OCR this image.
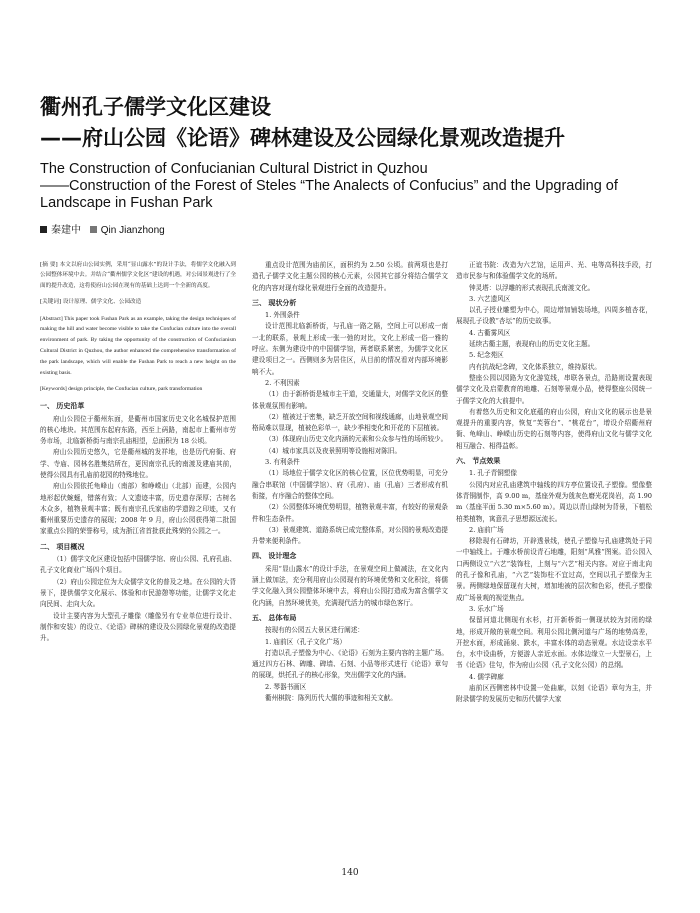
衢州孔子儒学文化区建设
——府山公园《论语》碑林建设及公园绿化景观改造提升
The Construction of Confucianian Cultural District in Quzhou
——Construction of the Forest of Steles “The Analects of Confucius” and the Upgrading of
Landscape in Fushan Park
秦建中 Qin Jianzhong

[摘 要] 本文以府山公园实例，采用“显山露水”的设计手法，将儒学文化融入到公园整体环境中去。并结合“衢州儒学文化区”建设的机遇，对公园景观进行了全面的提升改造，这将使府山公园在现有的基础上达到一个全新的高度。

[关键词] 设计原理、儒学文化、公园改造

[Abstract] This paper took Fushan Park as an example, taking the design techniques of making the hill and water become visible to take the Confucian culture into the overall environment of park. By taking the opportunity of the construction of Confucianism Cultural District in Quzhou, the author enhanced the comprehensive transformation of the park landscape, which will enable the Fushan Park to reach a new height on the existing basis.

[Keywords] design principle, the Confucian culture, park transformation

一、 历史沿革

府山公园位于衢州东面，是衢州市国家历史文化名城保护范围的核心地块。其范围东起府东路，西至上码路，南起市上衢州市劳务市场，北临新桥街与南宗孔庙相望，总面积为 18 公顷。

府山公园历史悠久，它是衢州城的发祥地，也是历代府衙、府学、寺庙、园林名胜集结所在，更因南宗孔氏的南渡及建庙其前，使得公园具有孔庙前花园的特殊地位。

府山公园依托龟峰山（南部）和峥嵘山（北部）而建，公园内地形起伏蜿蜒，错落有致；人文遗迹丰富，历史遗存深厚；古树名木众多，植物景观丰富；既有南宗孔氏家庙的学遗踪之印迹，又有衢州重要历史遗存的展现；2008 年 9 月，府山公园获得第二批国家重点公园的荣誉称号，成为浙江省首批获此殊荣的公园之一。

二、 项目概况

（1）儒学文化区建设包括中国儒学馆、府山公园、孔府孔庙、孔子文化商业广场四个项目。

（2）府山公园定位为大众儒学文化的普及之地。在公园的大背景下，提供儒学文化展示、体验和市民游憩等功能，让儒学文化走向民间、走向大众。

设计主要内容为大型孔子雕像（雕像另有专业单位进行设计、制作和安装）的设立、《论语》碑林的建设及公园绿化景观的改造提升。

重点设计范围为庙前区，面积约为 2.50 公顷。前两项也是打造孔子儒学文化主题公园的核心元素，公园其它部分将结合儒学文化的内容对现有绿化景观进行全面的改造提升。

三、 现状分析
1. 外围条件

设计范围北临新桥街，与孔庙一路之隔，空间上可以形成一南一北的联系，景观上形成一张一弛的对比，文化上形成一俗一雅的呼应。东侧为建设中的中国儒学馆，两者联系紧密，为儒学文化区建设项目之一。西侧则多为居住区，从目前的情况看对内部环境影响不大。

2. 不利因素

（1）由于新桥街是城市主干道，交通量大，对儒学文化区的整体景观氛围有影响。

（2）植被过于密集，缺乏开放空间和视线通廊，山地景观空间格局难以显现，植被色彩单一，缺少季相变化和开花的下层植被。

（3）体现府山历史文化内涵的元素和公众参与性的场所较少。

（4）城市家具以及夜景照明等设施相对陈旧。

3. 有利条件

（1）场地位于儒学文化区的核心位置，区位优势明显，可充分融合串联馆（中国儒学馆）、府（孔府）、庙（孔庙）三者形成有机衔接，有序融合的整体空间。

（2）公园整体环境优势明显，植物景观丰富，有较好的景观条件和生态条件。

（3）景观建筑、道路系统已成完整体系，对公园的景观改造提升带来便利条件。

四、 设计理念

采用“显山露水”的设计手法，在景观空间上做减法，在文化内涵上做加法，充分利用府山公园现有的环境优势和文化积淀，将儒学文化融入到公园整体环境中去，将府山公园打造成为富含儒学文化内涵，自然环境优美，充满现代活力的城市绿色客厅。

五、 总体布局

按现有的公园五大景区进行阐述：

1. 庙前区（孔子文化广场）

打造以孔子塑像为中心、《论语》石刻为主要内容的主题广场。通过四方石林、碑雕、碑墙、石刻、小品等形式进行《论语》章句的展现，烘托孔子的核心形象，突出儒学文化的内涵。

2. 琴器书画区

衢州棋院：陈列历代大儒的事迹和相关文献。

正谊书院：改造为六艺馆，运用声、光、电等高科技手段，打造市民参与和体验儒学文化的场所。

钟灵塔：以浮雕的形式表现孔氏南渡文化。

3. 六艺遗风区

以孔子授业雕塑为中心，周边增加铺装场地，四周多植杏花，展现孔子设教“杏坛”的历史故事。

4. 古衢雾风区

延续古衢主题，表现府山的历史文化主题。

5. 纪念苑区

内有抗战纪念碑，文化体系独立，维持原状。

整座公园以园路为文化游览线，串联各景点，沿路则设置表现儒学文化及启蒙教育的地雕、石刻等景观小品，使得整座公园统一于儒学文化的大前提中。

有着悠久历史和文化底蕴的府山公园，府山文化的展示也是景观提升的重要内容，恢复“芙蓉台”、“桃花台”，增设介绍衢州府衙、龟峰山、峥嵘山历史的石刻等内容，使得府山文化与儒学文化相互融合、相得益彰。

六、 节点效果
1. 孔子青铜塑像

公园内对应孔庙建筑中轴线的四方亭位置设孔子塑像。塑像整体青铜制作，高 9.00 m，基座外观为戗灰色磨光花岗岩，高 1.90 m（基座平面 5.30 m×5.60 m）。周边以青山绿树为背景，下植松柏类植物，寓意孔子思想源远流长。

2. 庙前广场

移除现有石碑坊，开辟透景线，使孔子塑像与孔庙建筑处于同一中轴线上。于雕水桥前设青石地雕，阳刻“风雅”图案。沿公园入口两侧设立“六艺”装饰柱，上刻与“六艺”相关内容。对应于南北向的孔子像和孔庙，“六艺”装饰柱不宜过高，空间以孔子塑像为主景。两侧绿地保留现有大树，增加地被的层次和色彩，使孔子塑像成广场景观的视觉焦点。

3. 乐水广场

保留河道北侧现有水杉，打开新桥街一侧现状较为封闭的绿地，形成开敞的景观空间。利用公园北侧河道与广场的地势高差，开挖水面，形成涌泉、跌水，丰富水体的动态景观。水边设亲水平台，水中设曲桥，方便游人亲近水面。水体边缘立一大型景石，上书《论语》佳句，作为府山公园（孔子文化公园）的总纲。

4. 儒学碑廊

庙前区西侧密林中设置一处曲廊，以刻《论语》章句为主，并附录儒学的发展历史和历代儒学大家

140
